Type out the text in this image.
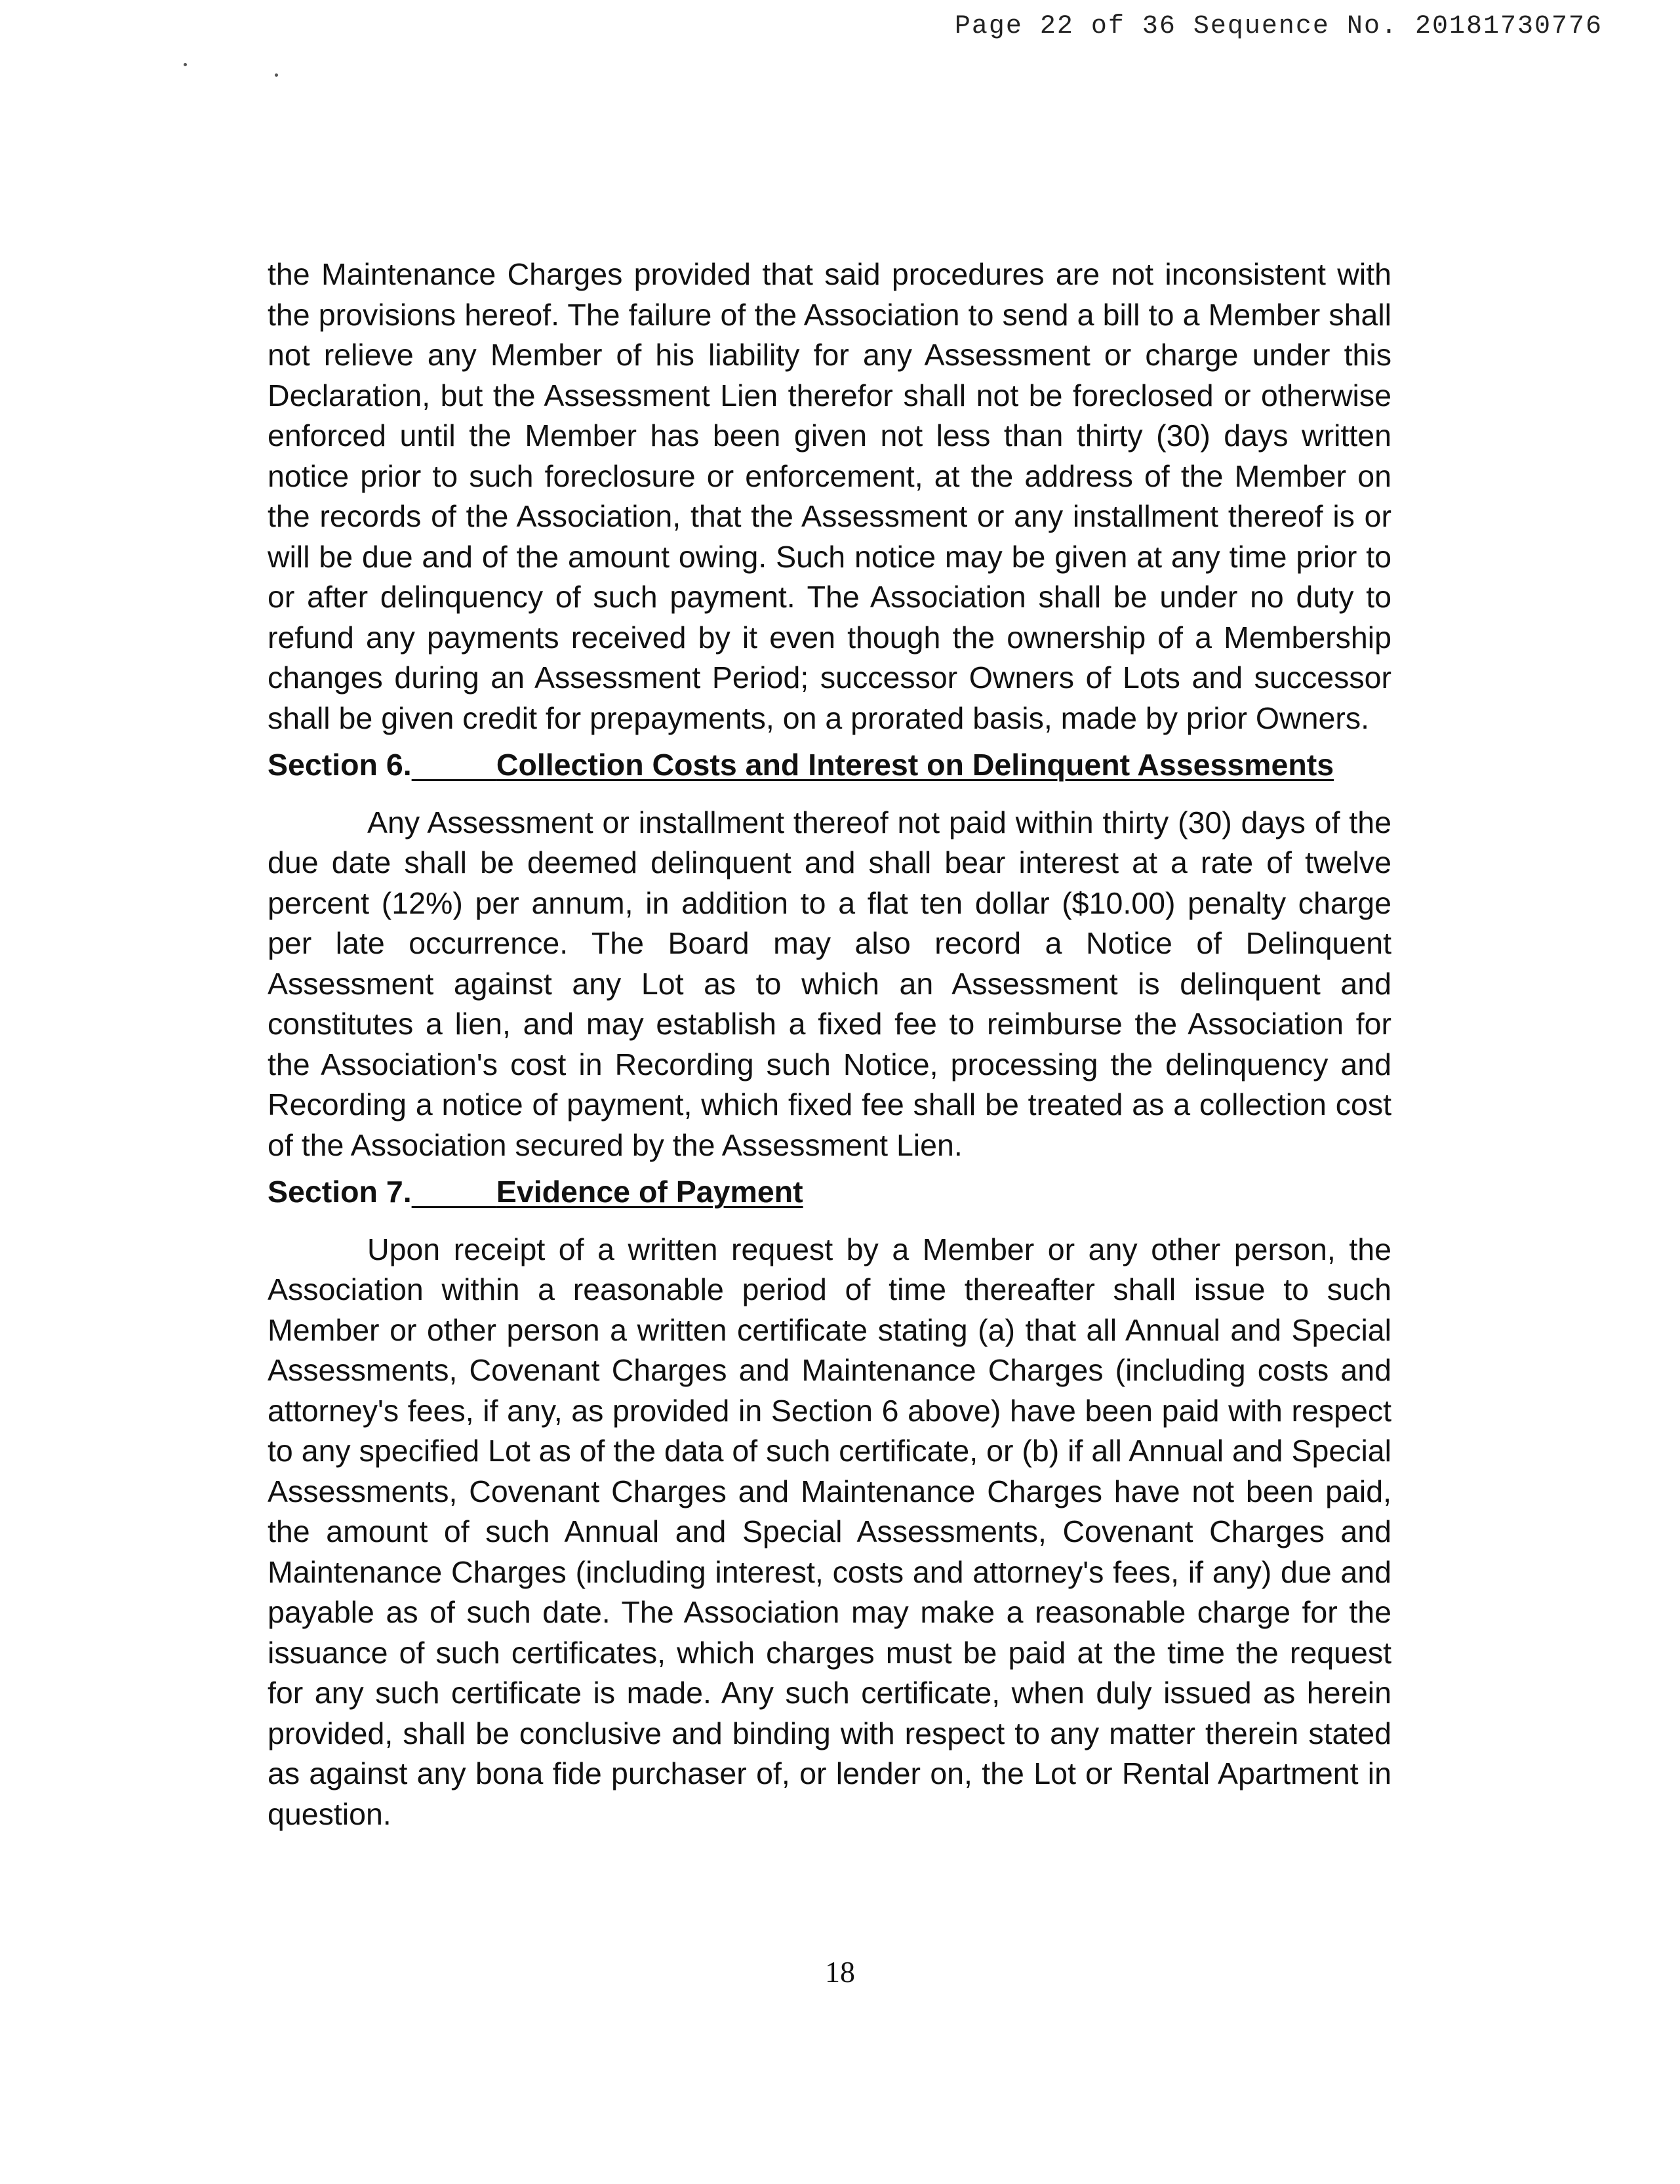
Page 22 of 36 Sequence No. 20181730776

the Maintenance Charges provided that said procedures are not inconsistent with the provisions hereof. The failure of the Association to send a bill to a Member shall not relieve any Member of his liability for any Assessment or charge under this Declaration, but the Assessment Lien therefor shall not be foreclosed or otherwise enforced until the Member has been given not less than thirty (30) days written notice prior to such foreclosure or enforcement, at the address of the Member on the records of the Association, that the Assessment or any installment thereof is or will be due and of the amount owing. Such notice may be given at any time prior to or after delinquency of such payment. The Association shall be under no duty to refund any payments received by it even though the ownership of a Membership changes during an Assessment Period; successor Owners of Lots and successor shall be given credit for prepayments, on a prorated basis, made by prior Owners.

Section 6.	Collection Costs and Interest on Delinquent Assessments

Any Assessment or installment thereof not paid within thirty (30) days of the due date shall be deemed delinquent and shall bear interest at a rate of twelve percent (12%) per annum, in addition to a flat ten dollar ($10.00) penalty charge per late occurrence. The Board may also record a Notice of Delinquent Assessment against any Lot as to which an Assessment is delinquent and constitutes a lien, and may establish a fixed fee to reimburse the Association for the Association's cost in Recording such Notice, processing the delinquency and Recording a notice of payment, which fixed fee shall be treated as a collection cost of the Association secured by the Assessment Lien.

Section 7.	Evidence of Payment

Upon receipt of a written request by a Member or any other person, the Association within a reasonable period of time thereafter shall issue to such Member or other person a written certificate stating (a) that all Annual and Special Assessments, Covenant Charges and Maintenance Charges (including costs and attorney's fees, if any, as provided in Section 6 above) have been paid with respect to any specified Lot as of the data of such certificate, or (b) if all Annual and Special Assessments, Covenant Charges and Maintenance Charges have not been paid, the amount of such Annual and Special Assessments, Covenant Charges and Maintenance Charges (including interest, costs and attorney's fees, if any) due and payable as of such date. The Association may make a reasonable charge for the issuance of such certificates, which charges must be paid at the time the request for any such certificate is made. Any such certificate, when duly issued as herein provided, shall be conclusive and binding with respect to any matter therein stated as against any bona fide purchaser of, or lender on, the Lot or Rental Apartment in question.

18
